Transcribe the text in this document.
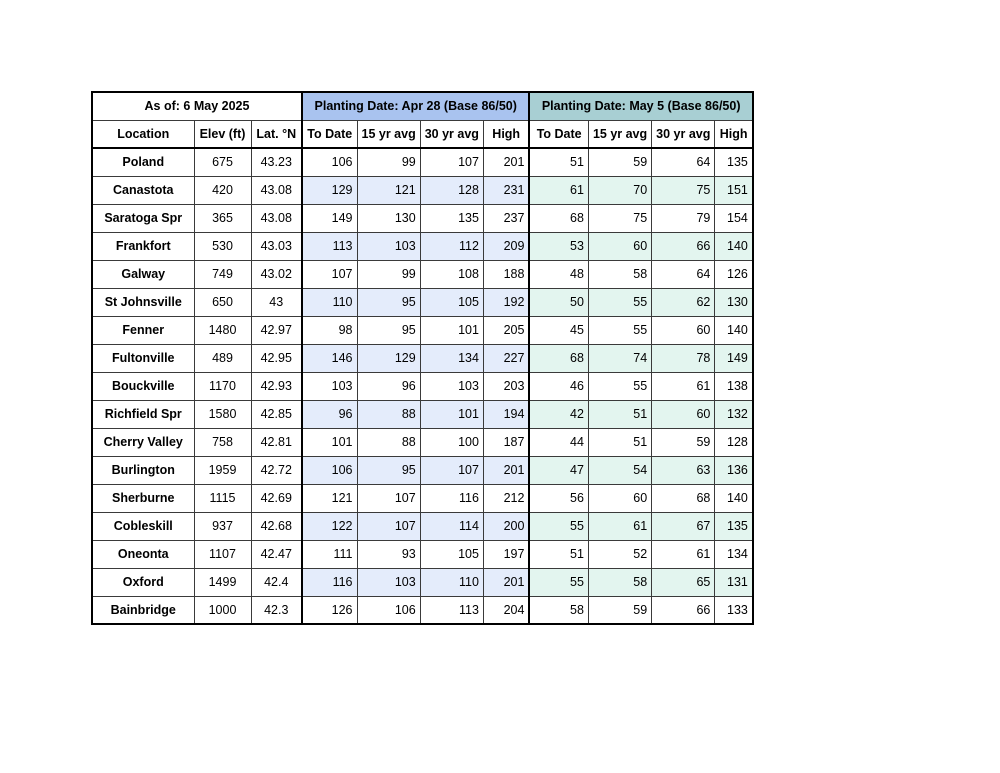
As of: 6 May 2025			Planting Date: Apr 28 (Base 86/50)				Planting Date: May 5 (Base 86/50)			
Location	Elev (ft)	Lat. °N	To Date	15 yr avg	30 yr avg	High	To Date	15 yr avg	30 yr avg	High
Poland	675	43.23	106	99	107	201	51	59	64	135
Canastota	420	43.08	129	121	128	231	61	70	75	151
Saratoga Spr	365	43.08	149	130	135	237	68	75	79	154
Frankfort	530	43.03	113	103	112	209	53	60	66	140
Galway	749	43.02	107	99	108	188	48	58	64	126
St Johnsville	650	43	110	95	105	192	50	55	62	130
Fenner	1480	42.97	98	95	101	205	45	55	60	140
Fultonville	489	42.95	146	129	134	227	68	74	78	149
Bouckville	1170	42.93	103	96	103	203	46	55	61	138
Richfield Spr	1580	42.85	96	88	101	194	42	51	60	132
Cherry Valley	758	42.81	101	88	100	187	44	51	59	128
Burlington	1959	42.72	106	95	107	201	47	54	63	136
Sherburne	1115	42.69	121	107	116	212	56	60	68	140
Cobleskill	937	42.68	122	107	114	200	55	61	67	135
Oneonta	1107	42.47	111	93	105	197	51	52	61	134
Oxford	1499	42.4	116	103	110	201	55	58	65	131
Bainbridge	1000	42.3	126	106	113	204	58	59	66	133
